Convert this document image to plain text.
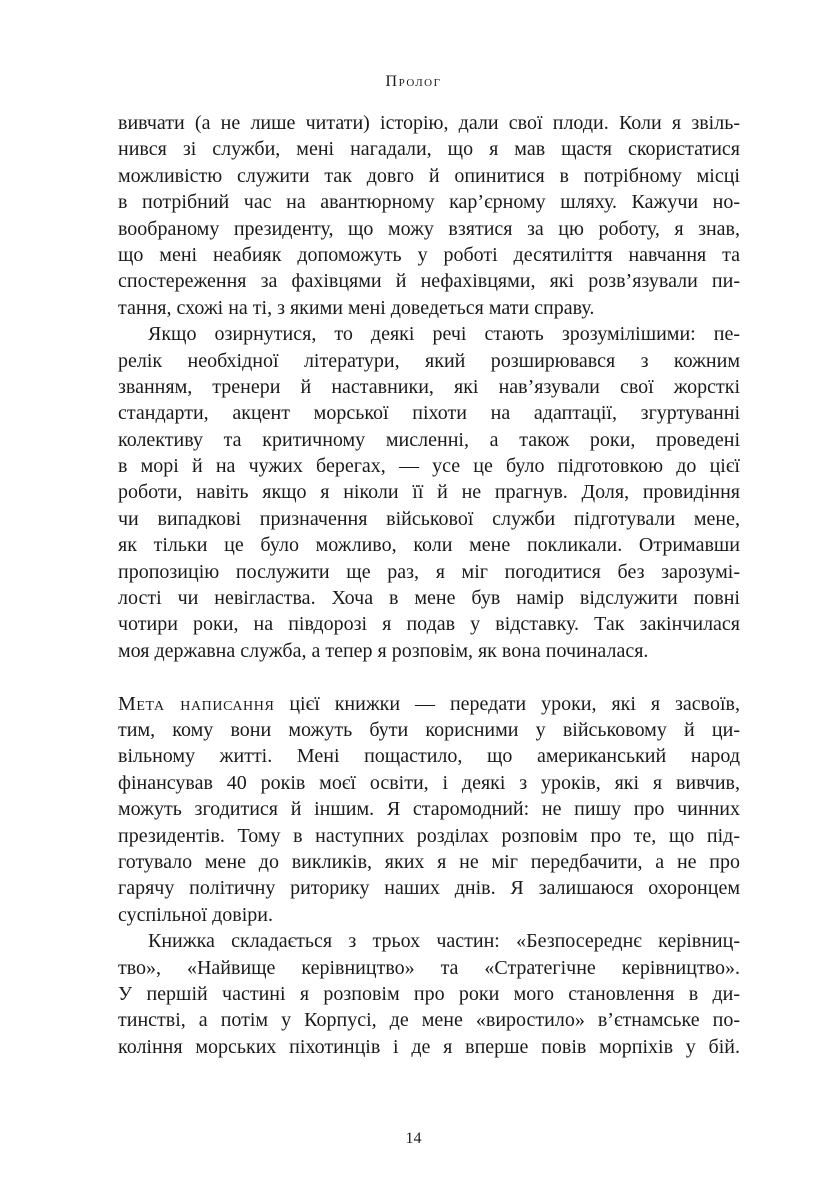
Пролог
вивчати (а не лише читати) історію, дали свої плоди. Коли я звіль-
нився зі служби, мені нагадали, що я мав щастя скористатися
можливістю служити так довго й опинитися в потрібному місці
в потрібний час на авантюрному кар’єрному шляху. Кажучи но-
вообраному президенту, що можу взятися за цю роботу, я знав,
що мені неабияк допоможуть у роботі десятиліття навчання та
спостереження за фахівцями й нефахівцями, які розв’язували пи-
тання, схожі на ті, з якими мені доведеться мати справу.
Якщо озирнутися, то деякі речі стають зрозумілішими: пе-
релік необхідної літератури, який розширювався з кожним
званням, тренери й наставники, які нав’язували свої жорсткі
стандарти, акцент морської піхоти на адаптації, згуртуванні
колективу та критичному мисленні, а також роки, проведені
в морі й на чужих берегах, — усе це було підготовкою до цієї
роботи, навіть якщо я ніколи її й не прагнув. Доля, провидіння
чи випадкові призначення військової служби підготували мене,
як тільки це було можливо, коли мене покликали. Отримавши
пропозицію послужити ще раз, я міг погодитися без зарозумі-
лості чи невігластва. Хоча в мене був намір відслужити повні
чотири роки, на півдорозі я подав у відставку. Так закінчилася
моя державна служба, а тепер я розповім, як вона починалася.
Мета написання цієї книжки — передати уроки, які я засвоїв,
тим, кому вони можуть бути корисними у військовому й ци-
вільному житті. Мені пощастило, що американський народ
фінансував 40 років моєї освіти, і деякі з уроків, які я вивчив,
можуть згодитися й іншим. Я старомодний: не пишу про чинних
президентів. Тому в наступних розділах розповім про те, що під-
готувало мене до викликів, яких я не міг передбачити, а не про
гарячу політичну риторику наших днів. Я залишаюся охоронцем
суспільної довіри.
Книжка складається з трьох частин: «Безпосереднє керівниц-
тво», «Найвище керівництво» та «Стратегічне керівництво».
У першій частині я розповім про роки мого становлення в ди-
тинстві, а потім у Корпусі, де мене «виростило» в’єтнамське по-
коління морських піхотинців і де я вперше повів морпіхів у бій.
14
